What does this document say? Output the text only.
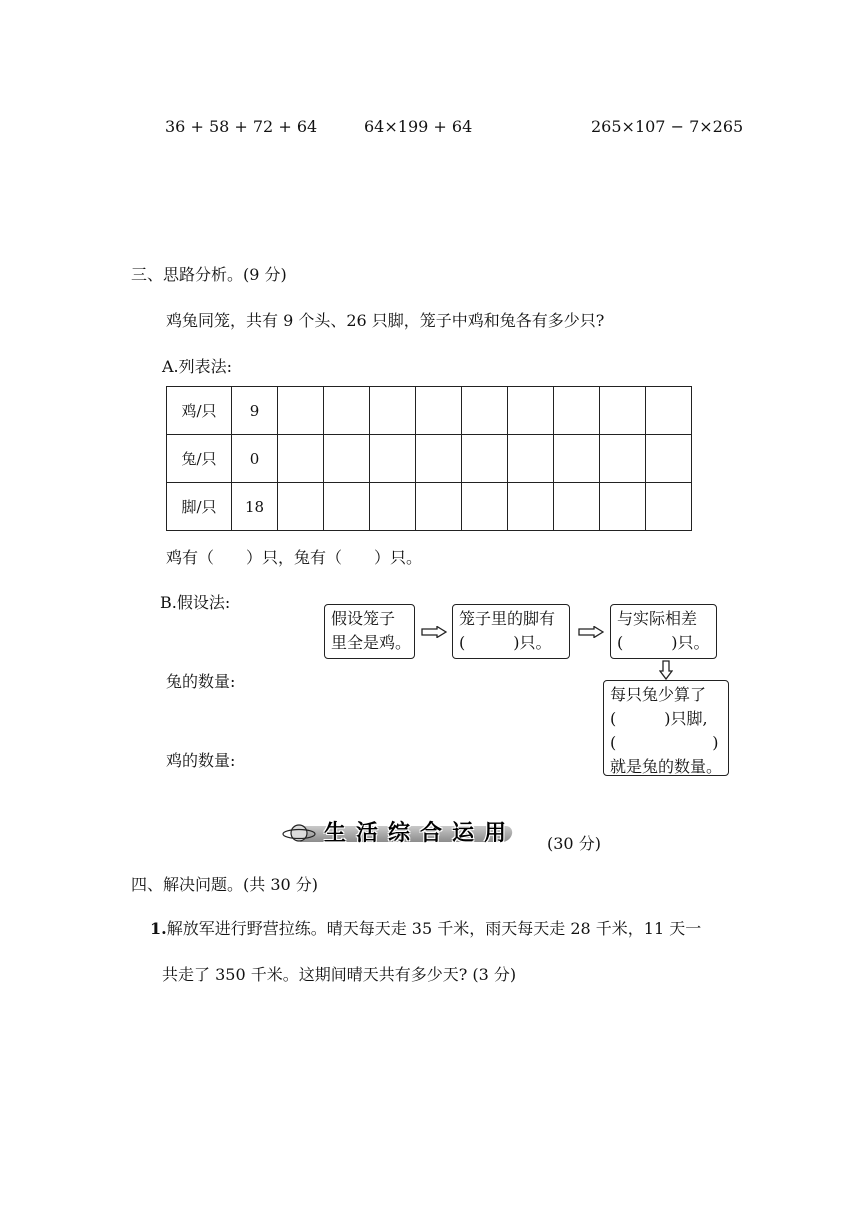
36 + 58 + 72 + 64	64×199 + 64	265×107 − 7×265
三、思路分析。(9 分)
鸡兔同笼，共有 9 个头、26 只脚，笼子中鸡和兔各有多少只?
A.列表法:
鸡/只	9									
兔/只	0									
脚/只	18									
鸡有（　　）只，兔有（　　）只。
B.假设法:
兔的数量:
鸡的数量:
假设笼子
里全是鸡。
笼子里的脚有
(　　　)只。
与实际相差
(　　　)只。
每只兔少算了
(　　　)只脚,
(　　　　　　)
就是兔的数量。
生活综合运用 (30 分)
四、解决问题。(共 30 分)
1.解放军进行野营拉练。晴天每天走 35 千米，雨天每天走 28 千米，11 天一
共走了 350 千米。这期间晴天共有多少天? (3 分)
